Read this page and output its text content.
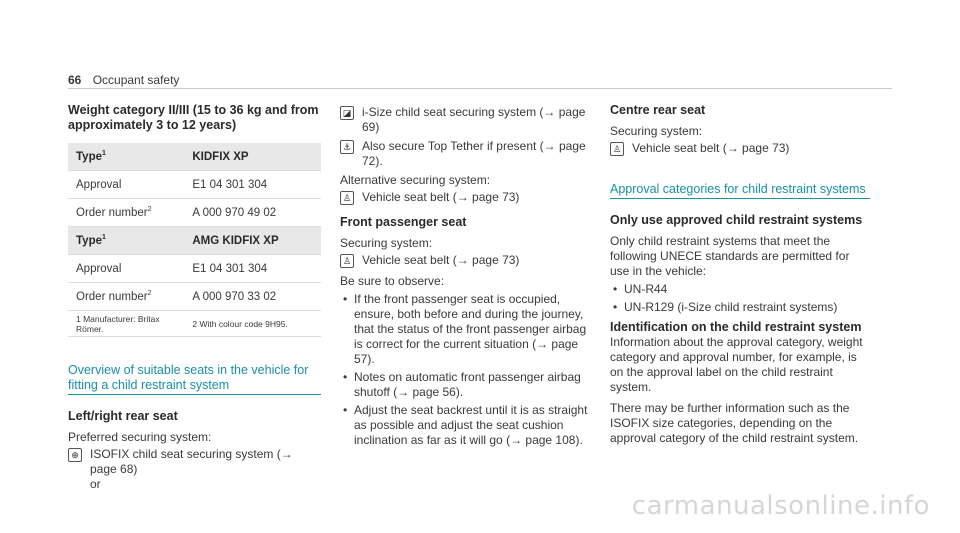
66 Occupant safety
Weight category II/III (15 to 36 kg and from approximately 3 to 12 years)
Type$^1$	KIDFIX XP
Approval	E1 04 301 304
Order number$^2$	A 000 970 49 02
Type$^1$	AMG KIDFIX XP
Approval	E1 04 301 304
Order number$^2$	A 000 970 33 02
1 Manufacturer: Britax Römer.	2 With colour code 9H95.

Overview of suitable seats in the vehicle for fitting a child restraint system

Left/right rear seat

Preferred securing system:

⊕ ISOFIX child seat securing system (→ page 68)

or

◪ i-Size child seat securing system (→ page 69)
⚓ Also secure Top Tether if present (→ page 72).

Alternative securing system:

♙ Vehicle seat belt (→ page 73)
Front passenger seat

Securing system:

♙ Vehicle seat belt (→ page 73)

Be sure to observe:

• If the front passenger seat is occupied, ensure, both before and during the journey, that the status of the front passenger airbag is correct for the current situation (→ page 57).
• Notes on automatic front passenger airbag shutoff (→ page 56).
• Adjust the seat backrest until it is as straight as possible and adjust the seat cushion inclination as far as it will go (→ page 108).
Centre rear seat

Securing system:

♙ Vehicle seat belt (→ page 73)

Approval categories for child restraint systems

Only use approved child restraint systems

Only child restraint systems that meet the following UNECE standards are permitted for use in the vehicle:

• UN-R44
• UN-R129 (i-Size child restraint systems)
Identification on the child restraint system

Information about the approval category, weight category and approval number, for example, is on the approval label on the child restraint system.

There may be further information such as the ISOFIX size categories, depending on the approval category of the child restraint system.

carmanualsonline.info
